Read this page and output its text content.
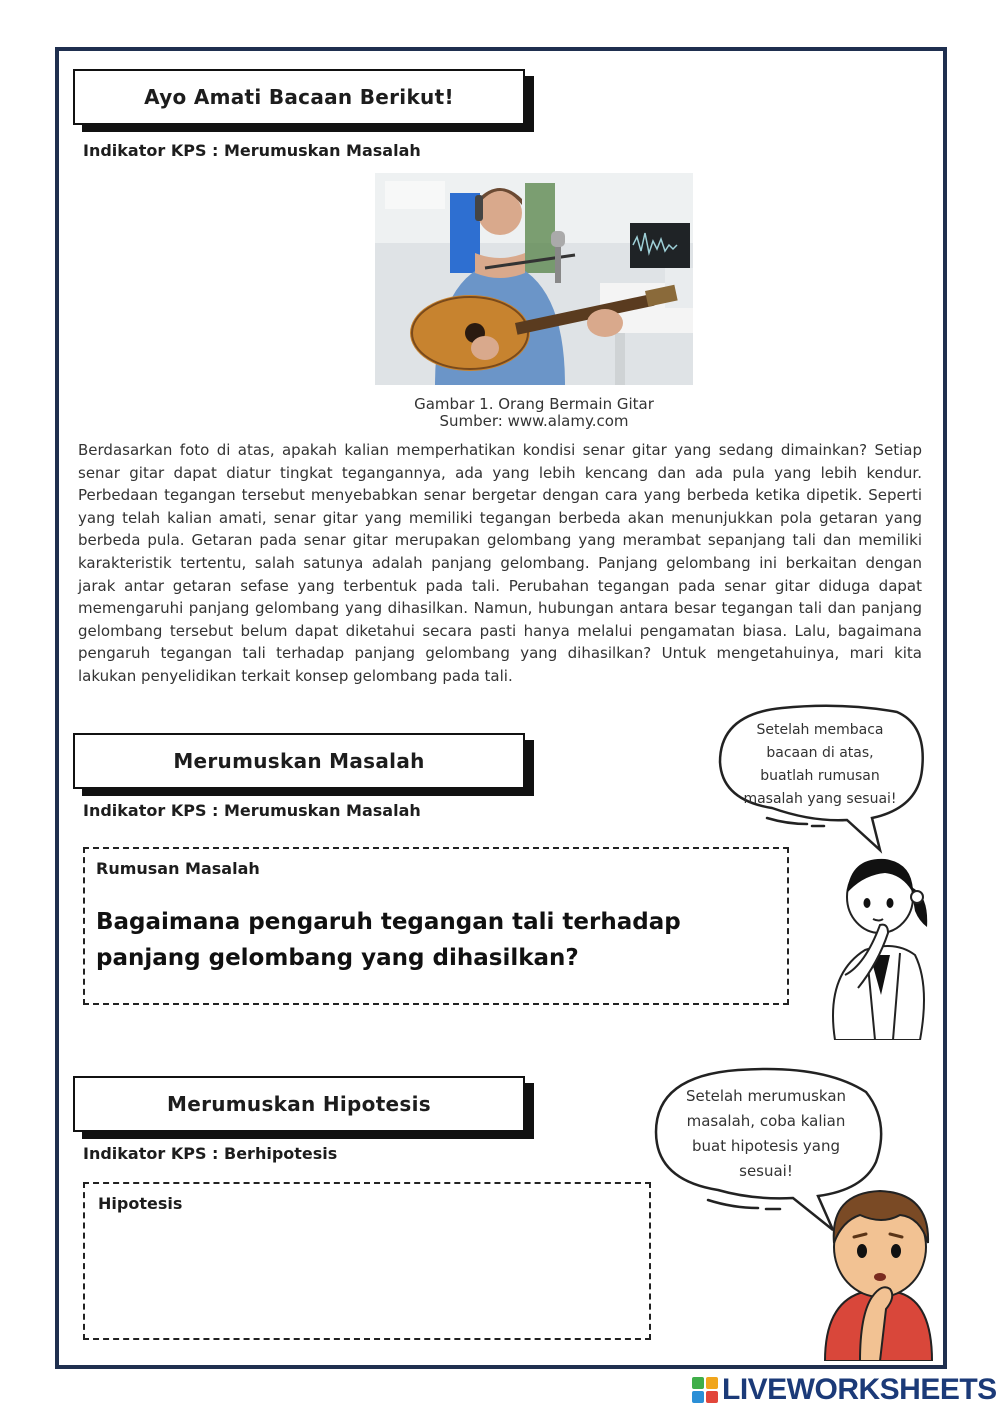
Ayo Amati Bacaan Berikut!
Indikator KPS : Merumuskan Masalah
Gambar 1. Orang Bermain Gitar
Sumber: www.alamy.com
Berdasarkan foto di atas, apakah kalian memperhatikan kondisi senar gitar yang sedang dimainkan? Setiap senar gitar dapat diatur tingkat tegangannya, ada yang lebih kencang dan ada pula yang lebih kendur. Perbedaan tegangan tersebut menyebabkan senar bergetar dengan cara yang berbeda ketika dipetik. Seperti yang telah kalian amati, senar gitar yang memiliki tegangan berbeda akan menunjukkan pola getaran yang berbeda pula. Getaran pada senar gitar merupakan gelombang yang merambat sepanjang tali dan memiliki karakteristik tertentu, salah satunya adalah panjang gelombang. Panjang gelombang ini berkaitan dengan jarak antar getaran sefase yang terbentuk pada tali. Perubahan tegangan pada senar gitar diduga dapat memengaruhi panjang gelombang yang dihasilkan. Namun, hubungan antara besar tegangan tali dan panjang gelombang tersebut belum dapat diketahui secara pasti hanya melalui pengamatan biasa. Lalu, bagaimana pengaruh tegangan tali terhadap panjang gelombang yang dihasilkan? Untuk mengetahuinya, mari kita lakukan penyelidikan terkait konsep gelombang pada tali.
Merumuskan Masalah
Indikator KPS : Merumuskan Masalah
Rumusan Masalah
Bagaimana pengaruh tegangan tali terhadap panjang gelombang yang dihasilkan?
Setelah membaca
bacaan di atas,
buatlah rumusan
masalah yang sesuai!
Merumuskan Hipotesis
Indikator KPS : Berhipotesis
Hipotesis
Setelah merumuskan
masalah, coba kalian
buat hipotesis yang
sesuai!
LIVEWORKSHEETS
